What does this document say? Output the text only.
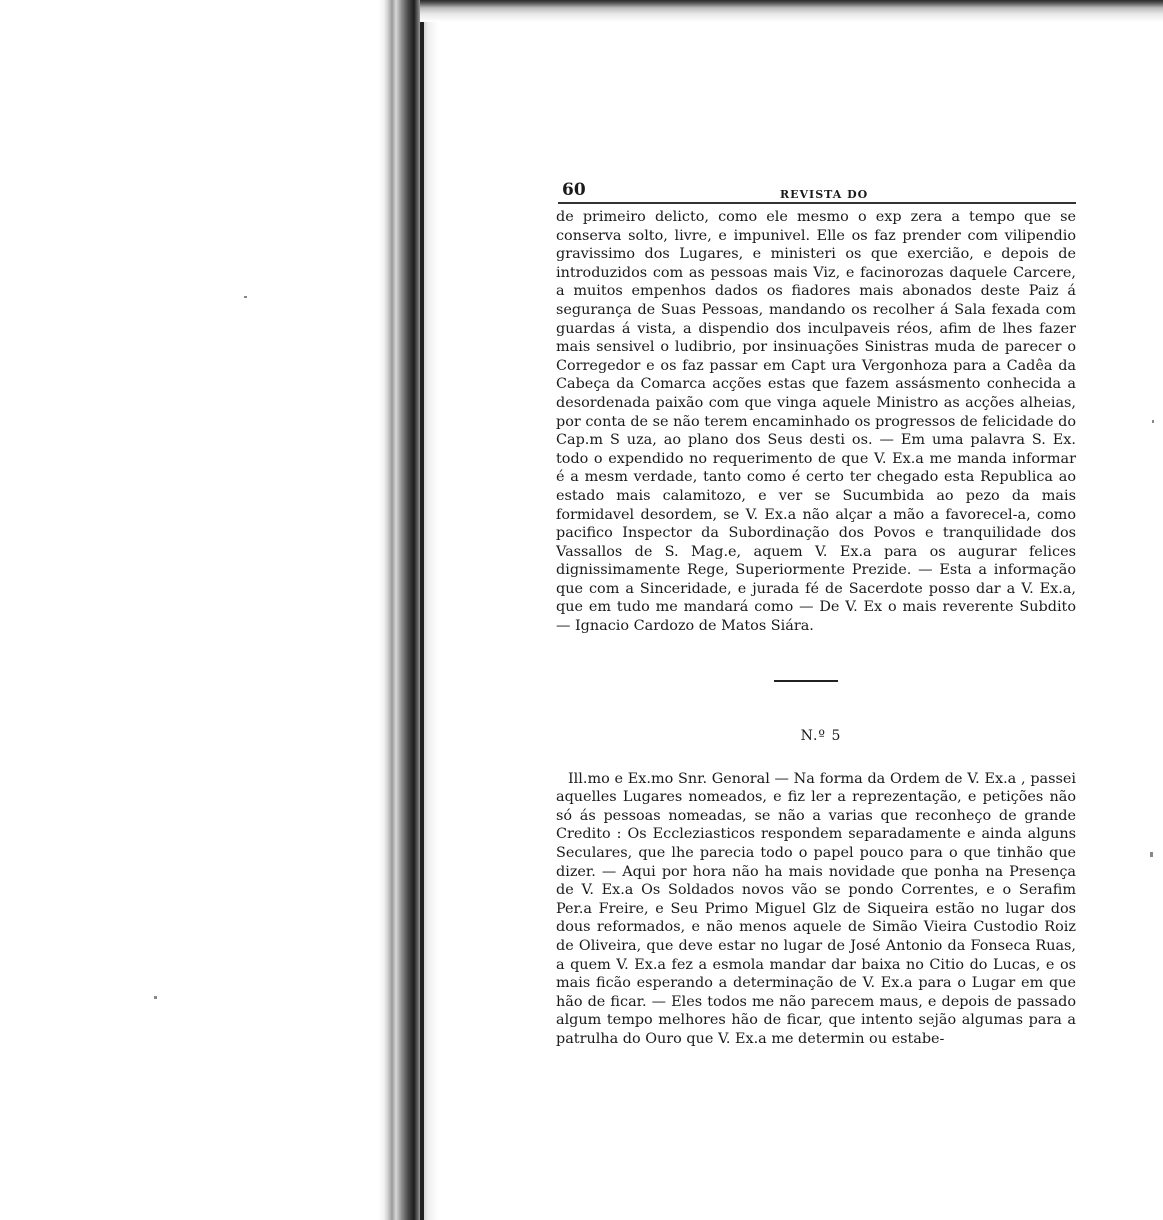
60	REVISTA DO

de primeiro delicto, como ele mesmo o exp zera a tempo que se conserva solto, livre, e impunivel. Elle os faz prender com vilipendio gravissimo dos Lugares, e ministeri os que exercião, e depois de introduzidos com as pessoas mais Viz, e facinorozas daquele Carcere, a muitos empenhos dados os fiadores mais abonados deste Paiz á segurança de Suas Pessoas, mandando os recolher á Sala fexada com guardas á vista, a dispendio dos inculpaveis réos, afim de lhes fazer mais sensivel o ludibrio, por insinuações Sinistras muda de parecer o Corregedor e os faz passar em Capt ura Vergonhoza para a Cadêa da Cabeça da Comarca acções estas que fazem assásmento conhecida a desordenada paixão com que vinga aquele Ministro as acções alheias, por conta de se não terem encaminhado os progressos de felicidade do Cap.m S uza, ao plano dos Seus desti os. — Em uma palavra S. Ex. todo o expendido no requerimento de que V. Ex.a me manda informar é a mesm verdade, tanto como é certo ter chegado esta Republica ao estado mais calamitozo, e ver se Sucumbida ao pezo da mais formidavel desordem, se V. Ex.a não alçar a mão a favorecel-a, como pacifico Inspector da Subordinação dos Povos e tranquilidade dos Vassallos de S. Mag.e, aquem V. Ex.a para os augurar felices dignissimamente Rege, Superiormente Prezide. — Esta a informação que com a Sinceridade, e jurada fé de Sacerdote posso dar a V. Ex.a, que em tudo me mandará como — De V. Ex o mais reverente Subdito — Ignacio Cardozo de Matos Siára.

N.º 5

Ill.mo e Ex.mo Snr. Genoral — Na forma da Ordem de V. Ex.a , passei aquelles Lugares nomeados, e fiz ler a reprezentação, e petições não só ás pessoas nomeadas, se não a varias que reconheço de grande Credito : Os Eccleziasticos respondem separadamente e ainda alguns Seculares, que lhe parecia todo o papel pouco para o que tinhão que dizer. — Aqui por hora não ha mais novidade que ponha na Presença de V. Ex.a Os Soldados novos vão se pondo Correntes, e o Serafim Per.a Freire, e Seu Primo Miguel Glz de Siqueira estão no lugar dos dous reformados, e não menos aquele de Simão Vieira Custodio Roiz de Oliveira, que deve estar no lugar de José Antonio da Fonseca Ruas, a quem V. Ex.a fez a esmola mandar dar baixa no Citio do Lucas, e os mais ficão esperando a determinação de V. Ex.a para o Lugar em que hão de ficar. — Eles todos me não parecem maus, e depois de passado algum tempo melhores hão de ficar, que intento sejão algumas para a patrulha do Ouro que V. Ex.a me determin ou estabe-
